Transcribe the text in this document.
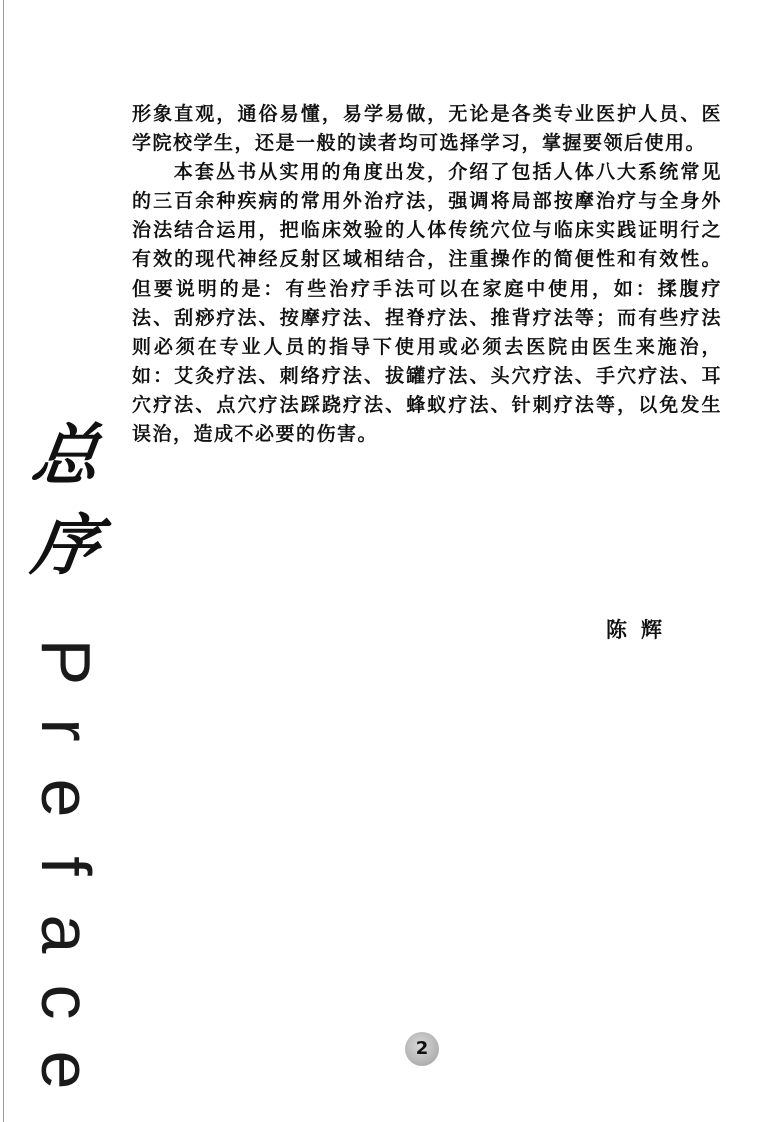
形象直观，通俗易懂，易学易做，无论是各类专业医护人员、医学院校学生，还是一般的读者均可选择学习，掌握要领后使用。

本套丛书从实用的角度出发，介绍了包括人体八大系统常见的三百余种疾病的常用外治疗法，强调将局部按摩治疗与全身外治法结合运用，把临床效验的人体传统穴位与临床实践证明行之有效的现代神经反射区域相结合，注重操作的简便性和有效性。但要说明的是：有些治疗手法可以在家庭中使用，如：揉腹疗法、刮痧疗法、按摩疗法、捏脊疗法、推背疗法等；而有些疗法则必须在专业人员的指导下使用或必须去医院由医生来施治，如：艾灸疗法、刺络疗法、拔罐疗法、头穴疗法、手穴疗法、耳穴疗法、点穴疗法踩跷疗法、蜂蚁疗法、针刺疗法等，以免发生误治，造成不必要的伤害。

陈辉
总
序
P
r
e
f
a
c
e
2
